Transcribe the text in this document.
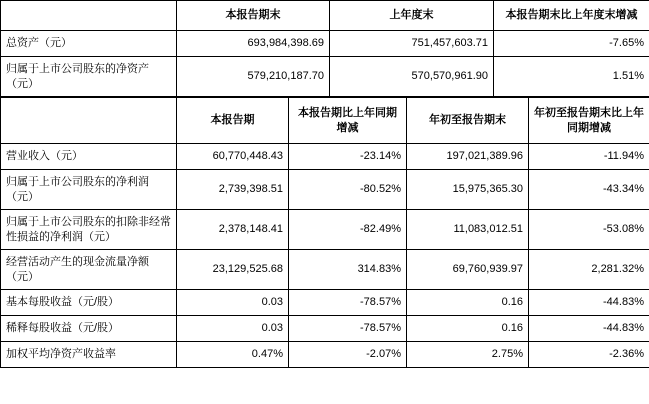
	本报告期末	上年度末	本报告期末比上年度末增减
总资产（元）	693,984,398.69	751,457,603.71	-7.65%
归属于上市公司股东的净资产（元）	579,210,187.70	570,570,961.90	1.51%
	本报告期	本报告期比上年同期增减	年初至报告期末	年初至报告期末比上年同期增减
营业收入（元）	60,770,448.43	-23.14%	197,021,389.96	-11.94%
归属于上市公司股东的净利润（元）	2,739,398.51	-80.52%	15,975,365.30	-43.34%
归属于上市公司股东的扣除非经常性损益的净利润（元）	2,378,148.41	-82.49%	11,083,012.51	-53.08%
经营活动产生的现金流量净额（元）	23,129,525.68	314.83%	69,760,939.97	2,281.32%
基本每股收益（元/股）	0.03	-78.57%	0.16	-44.83%
稀释每股收益（元/股）	0.03	-78.57%	0.16	-44.83%
加权平均净资产收益率	0.47%	-2.07%	2.75%	-2.36%
